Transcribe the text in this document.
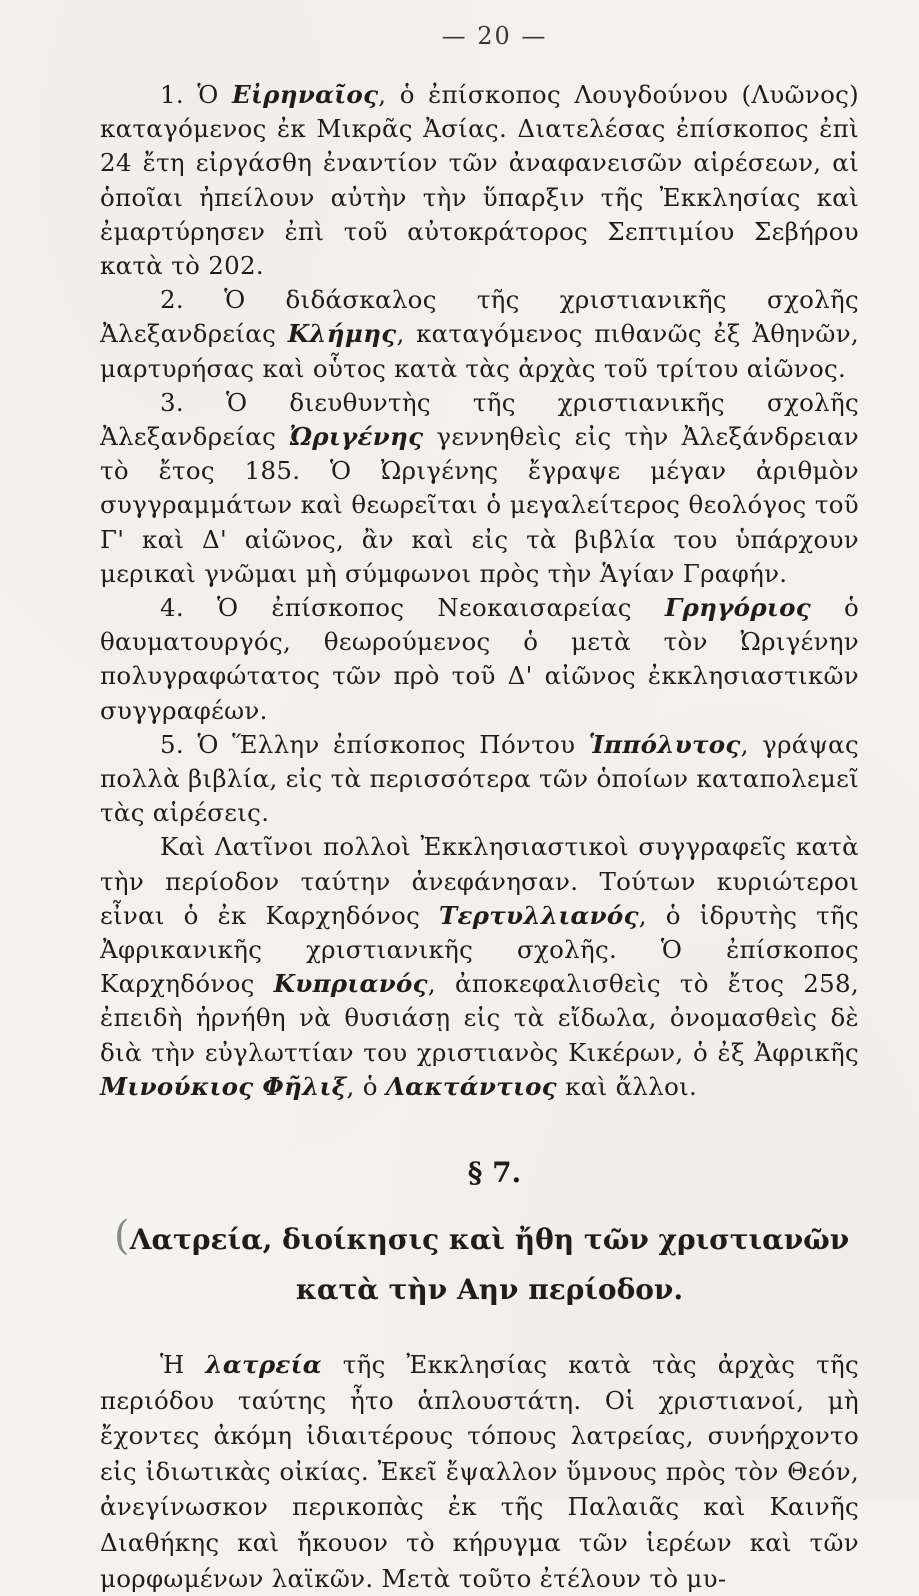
— 20 —

1. Ὁ Εἰρηναῖος, ὁ ἐπίσκοπος Λουγδούνου (Λυῶνος) καταγόμενος ἐκ Μικρᾶς Ἀσίας. Διατελέσας ἐπίσκοπος ἐπὶ 24 ἔτη εἰργάσθη ἐναντίον τῶν ἀναφανεισῶν αἱρέσεων, αἱ ὁποῖαι ἠπείλουν αὐτὴν τὴν ὕπαρξιν τῆς Ἐκκλησίας καὶ ἐμαρτύρησεν ἐπὶ τοῦ αὐτοκράτορος Σεπτιμίου Σεβήρου κατὰ τὸ 202.

2. Ὁ διδάσκαλος τῆς χριστιανικῆς σχολῆς Ἀλεξανδρείας Κλήμης, καταγόμενος πιθανῶς ἐξ Ἀθηνῶν, μαρτυρήσας καὶ οὗτος κατὰ τὰς ἀρχὰς τοῦ τρίτου αἰῶνος.

3. Ὁ διευθυντὴς τῆς χριστιανικῆς σχολῆς Ἀλεξανδρείας Ὠριγένης γεννηθεὶς εἰς τὴν Ἀλεξάνδρειαν τὸ ἔτος 185. Ὁ Ὠριγένης ἔγραψε μέγαν ἀριθμὸν συγγραμμάτων καὶ θεωρεῖται ὁ μεγαλείτερος θεολόγος τοῦ Γ' καὶ Δ' αἰῶνος, ἂν καὶ εἰς τὰ βιβλία του ὑπάρχουν μερικαὶ γνῶμαι μὴ σύμφωνοι πρὸς τὴν Ἁγίαν Γραφήν.

4. Ὁ ἐπίσκοπος Νεοκαισαρείας Γρηγόριος ὁ θαυματουργός, θεωρούμενος ὁ μετὰ τὸν Ὠριγένην πολυγραφώτατος τῶν πρὸ τοῦ Δ' αἰῶνος ἐκκλησιαστικῶν συγγραφέων.

5. Ὁ Ἕλλην ἐπίσκοπος Πόντου Ἱππόλυτος, γράψας πολλὰ βιβλία, εἰς τὰ περισσότερα τῶν ὁποίων καταπολεμεῖ τὰς αἱρέσεις.

Καὶ Λατῖνοι πολλοὶ Ἐκκλησιαστικοὶ συγγραφεῖς κατὰ τὴν περίοδον ταύτην ἀνεφάνησαν. Τούτων κυριώτεροι εἶναι ὁ ἐκ Καρχηδόνος Τερτυλλιανός, ὁ ἱδρυτὴς τῆς Ἀφρικανικῆς χριστιανικῆς σχολῆς. Ὁ ἐπίσκοπος Καρχηδόνος Κυπριανός, ἀποκεφαλισθεὶς τὸ ἔτος 258, ἐπειδὴ ἠρνήθη νὰ θυσιάσῃ εἰς τὰ εἴδωλα, ὀνομασθεὶς δὲ διὰ τὴν εὐγλωττίαν του χριστιανὸς Κικέρων, ὁ ἐξ Ἀφρικῆς Μινούκιος Φῆλιξ, ὁ Λακτάντιος καὶ ἄλλοι.

§ 7.
( Λατρεία, διοίκησις καὶ ἤθη τῶν χριστιανῶν
κατὰ τὴν Αην περίοδον.

Ἡ λατρεία τῆς Ἐκκλησίας κατὰ τὰς ἀρχὰς τῆς περιόδου ταύτης ἦτο ἁπλουστάτη. Οἱ χριστιανοί, μὴ ἔχοντες ἀκόμη ἰδιαιτέρους τόπους λατρείας, συνήρχοντο εἰς ἰδιωτικὰς οἰκίας. Ἐκεῖ ἔψαλλον ὕμνους πρὸς τὸν Θεόν, ἀνεγίνωσκον περικοπὰς ἐκ τῆς Παλαιᾶς καὶ Καινῆς Διαθήκης καὶ ἤκουον τὸ κήρυγμα τῶν ἱερέων καὶ τῶν μορφωμένων λαϊκῶν. Μετὰ τοῦτο ἐτέλουν τὸ μυ-
